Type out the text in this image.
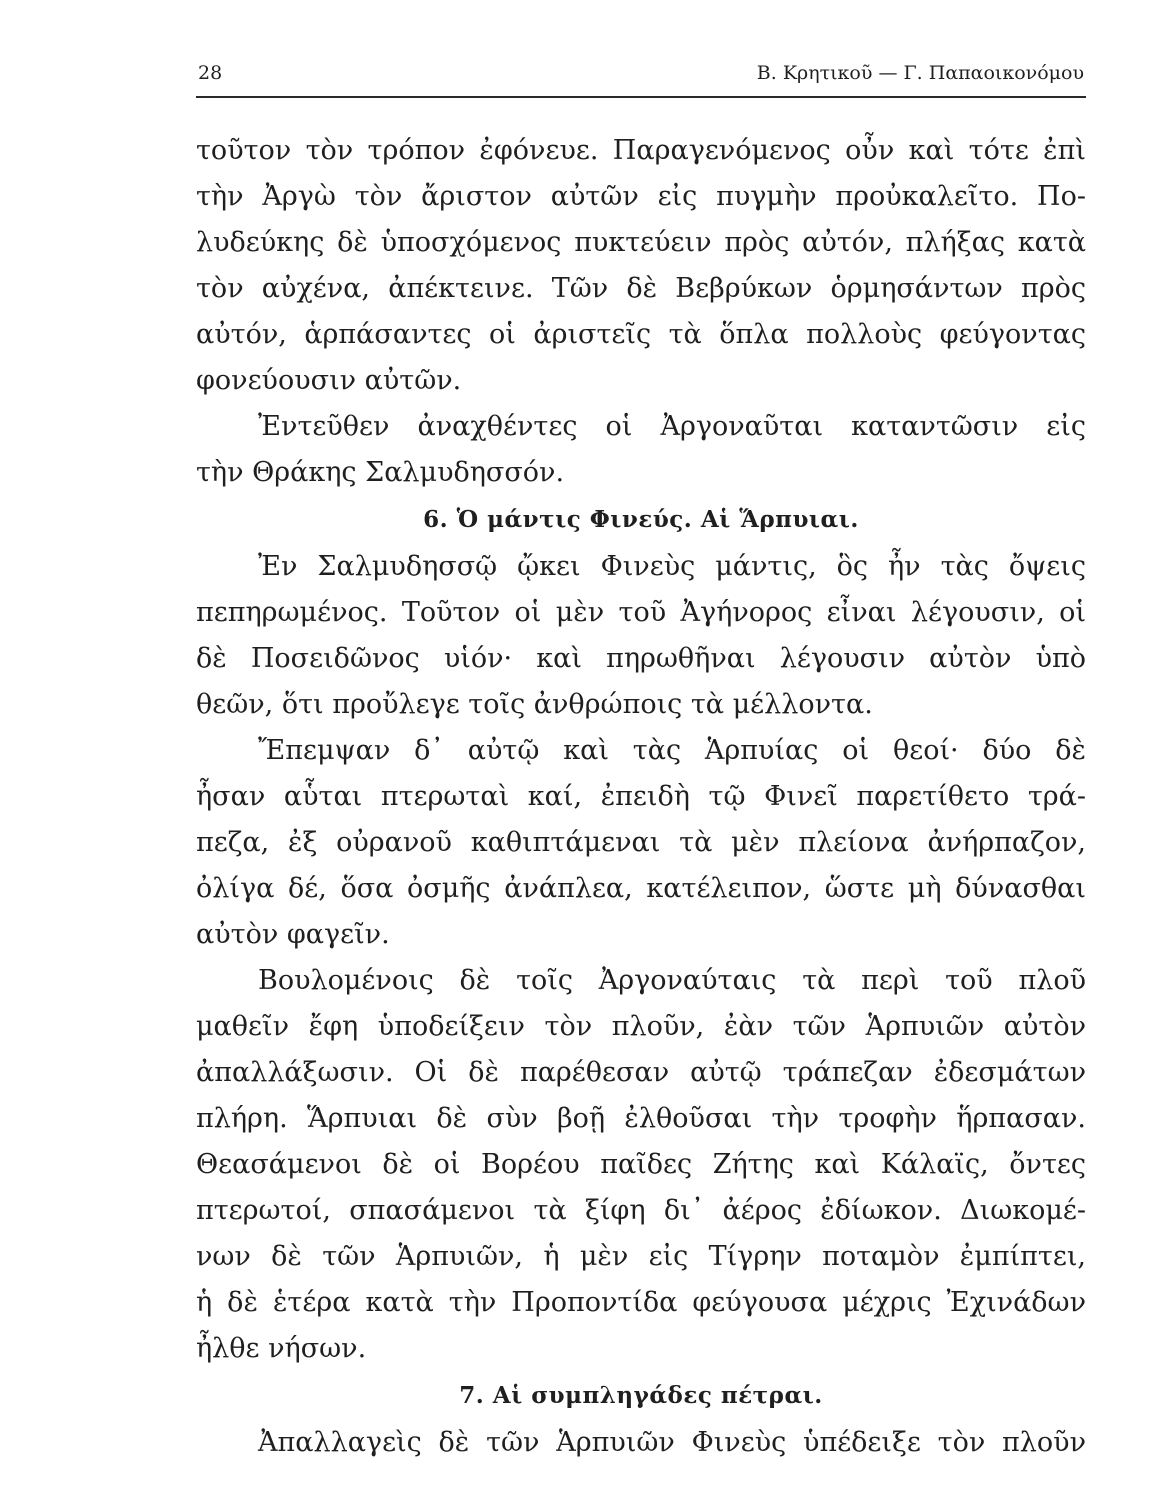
28	Β. Κρητικοῦ — Γ. Παπαοικονόμου
τοῦτον τὸν τρόπον ἐφόνευε. Παραγενόμενος οὖν καὶ τότε ἐπὶ
τὴν Ἀργὼ τὸν ἄριστον αὐτῶν εἰς πυγμὴν προὐκαλεῖτο. Πο-
λυδεύκης δὲ ὑποσχόμενος πυκτεύειν πρὸς αὐτόν, πλήξας κατὰ
τὸν αὐχένα, ἀπέκτεινε. Τῶν δὲ Βεβρύκων ὁρμησάντων πρὸς
αὐτόν, ἁρπάσαντες οἱ ἀριστεῖς τὰ ὅπλα πολλοὺς φεύγοντας
φονεύουσιν αὐτῶν.
Ἐντεῦθεν ἀναχθέντες οἱ Ἀργοναῦται καταντῶσιν εἰς
τὴν Θράκης Σαλμυδησσόν.
6. Ὁ μάντις Φινεύς. Αἱ Ἅρπυιαι.
Ἐν Σαλμυδησσῷ ᾤκει Φινεὺς μάντις, ὃς ἦν τὰς ὄψεις
πεπηρωμένος. Τοῦτον οἱ μὲν τοῦ Ἀγήνορος εἶναι λέγουσιν, οἱ
δὲ Ποσειδῶνος υἱόν· καὶ πηρωθῆναι λέγουσιν αὐτὸν ὑπὸ
θεῶν, ὅτι προὔλεγε τοῖς ἀνθρώποις τὰ μέλλοντα.
Ἔπεμψαν δ᾽ αὐτῷ καὶ τὰς Ἁρπυίας οἱ θεοί· δύο δὲ
ἦσαν αὗται πτερωταὶ καί, ἐπειδὴ τῷ Φινεῖ παρετίθετο τρά-
πεζα, ἐξ οὐρανοῦ καθιπτάμεναι τὰ μὲν πλείονα ἀνήρπαζον,
ὀλίγα δέ, ὅσα ὀσμῆς ἀνάπλεα, κατέλειπον, ὥστε μὴ δύνασθαι
αὐτὸν φαγεῖν.
Βουλομένοις δὲ τοῖς Ἀργοναύταις τὰ περὶ τοῦ πλοῦ
μαθεῖν ἔφη ὑποδείξειν τὸν πλοῦν, ἐὰν τῶν Ἁρπυιῶν αὐτὸν
ἀπαλλάξωσιν. Οἱ δὲ παρέθεσαν αὐτῷ τράπεζαν ἐδεσμάτων
πλήρη. Ἅρπυιαι δὲ σὺν βοῇ ἐλθοῦσαι τὴν τροφὴν ἥρπασαν.
Θεασάμενοι δὲ οἱ Βορέου παῖδες Ζήτης καὶ Κάλαϊς, ὄντες
πτερωτοί, σπασάμενοι τὰ ξίφη δι᾽ ἀέρος ἐδίωκον. Διωκομέ-
νων δὲ τῶν Ἁρπυιῶν, ἡ μὲν εἰς Τίγρην ποταμὸν ἐμπίπτει,
ἡ δὲ ἑτέρα κατὰ τὴν Προποντίδα φεύγουσα μέχρις Ἐχινάδων
ἦλθε νήσων.
7. Αἱ συμπληγάδες πέτραι.
Ἀπαλλαγεὶς δὲ τῶν Ἁρπυιῶν Φινεὺς ὑπέδειξε τὸν πλοῦν
